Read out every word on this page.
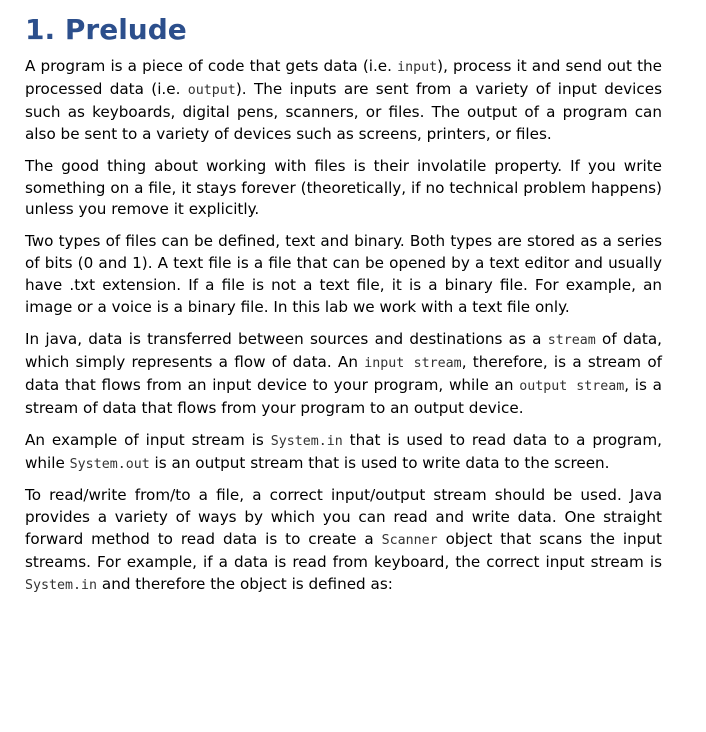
1. Prelude

A program is a piece of code that gets data (i.e. input), process it and send out the processed data (i.e. output). The inputs are sent from a variety of input devices such as keyboards, digital pens, scanners, or files. The output of a program can also be sent to a variety of devices such as screens, printers, or files.

The good thing about working with files is their involatile property. If you write something on a file, it stays forever (theoretically, if no technical problem happens) unless you remove it explicitly.

Two types of files can be defined, text and binary. Both types are stored as a series of bits (0 and 1). A text file is a file that can be opened by a text editor and usually have .txt extension. If a file is not a text file, it is a binary file. For example, an image or a voice is a binary file. In this lab we work with a text file only.

In java, data is transferred between sources and destinations as a stream of data, which simply represents a flow of data. An input stream, therefore, is a stream of data that flows from an input device to your program, while an output stream, is a stream of data that flows from your program to an output device.

An example of input stream is System.in that is used to read data to a program, while System.out is an output stream that is used to write data to the screen.

To read/write from/to a file, a correct input/output stream should be used. Java provides a variety of ways by which you can read and write data. One straight forward method to read data is to create a Scanner object that scans the input streams. For example, if a data is read from keyboard, the correct input stream is System.in and therefore the object is defined as:
